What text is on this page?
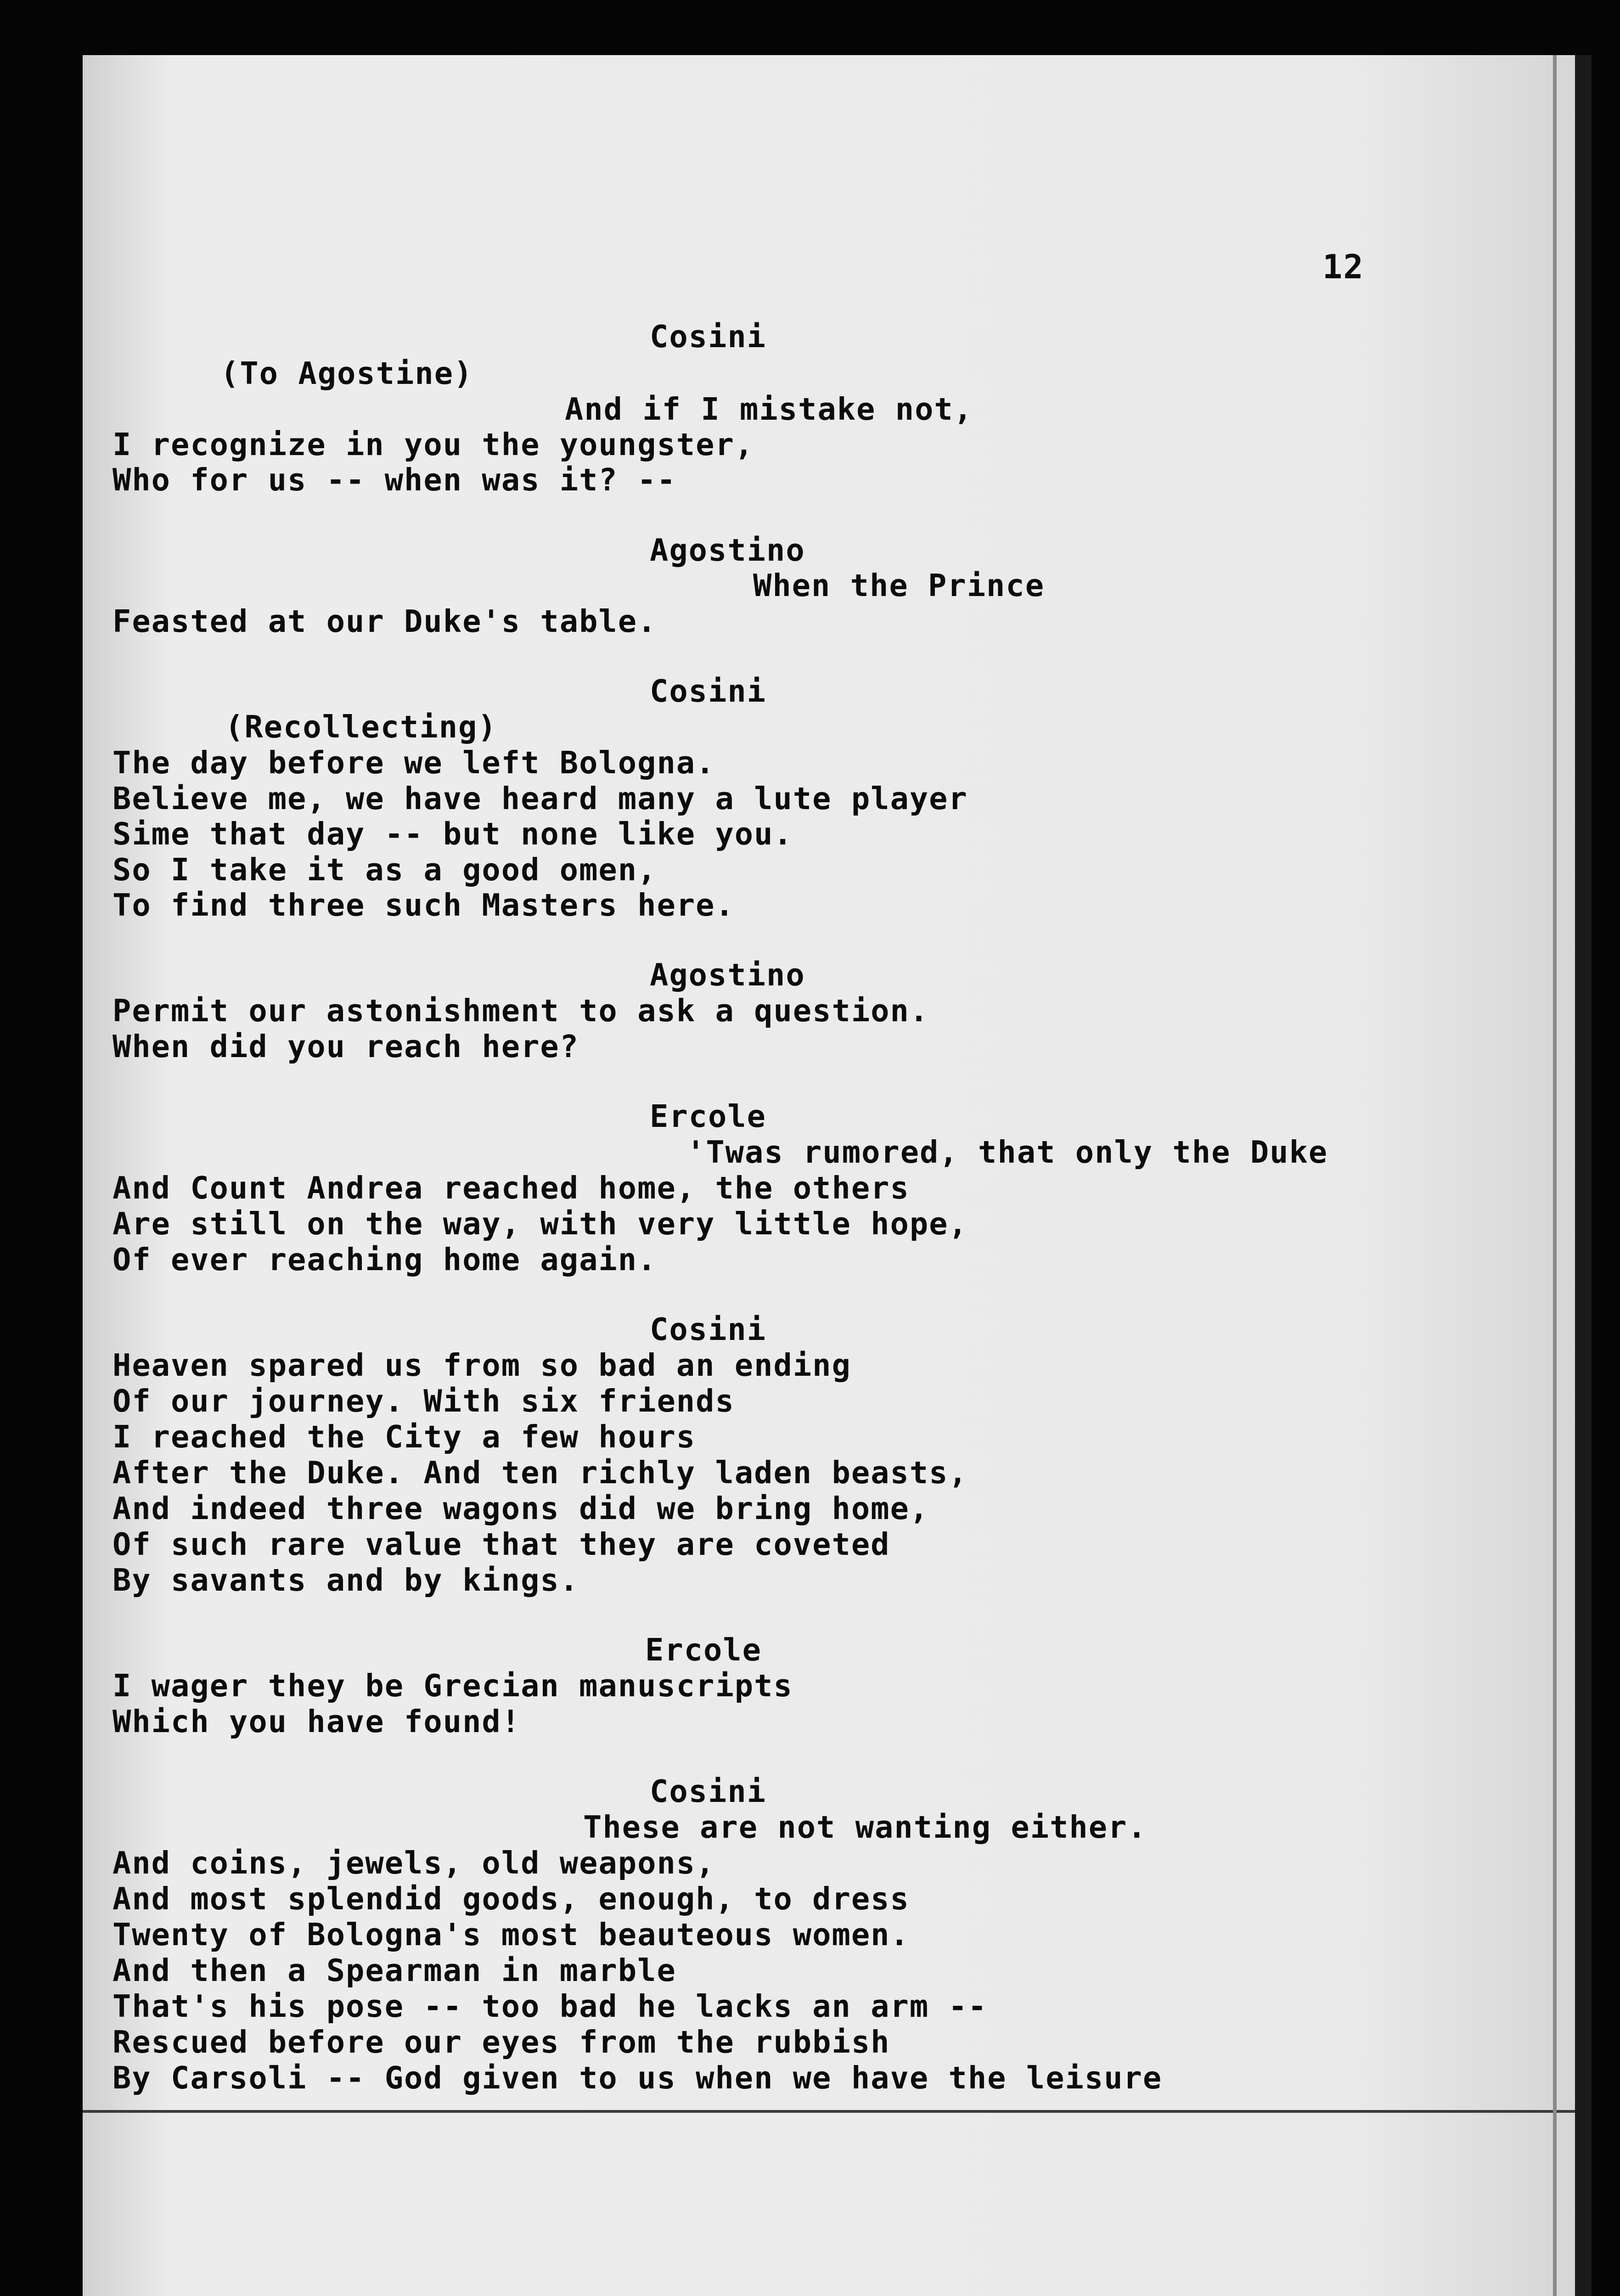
12
Cosini
(To Agostine)
And if I mistake not,
I recognize in you the youngster,
Who for us -- when was it? --
Agostino
When the Prince
Feasted at our Duke's table.
Cosini
(Recollecting)
The day before we left Bologna.
Believe me, we have heard many a lute player
Sime that day -- but none like you.
So I take it as a good omen,
To find three such Masters here.
Agostino
Permit our astonishment to ask a question.
When did you reach here?
Ercole
'Twas rumored, that only the Duke
And Count Andrea reached home, the others
Are still on the way, with very little hope,
Of ever reaching home again.
Cosini
Heaven spared us from so bad an ending
Of our journey. With six friends
I reached the City a few hours
After the Duke. And ten richly laden beasts,
And indeed three wagons did we bring home,
Of such rare value that they are coveted
By savants and by kings.
Ercole
I wager they be Grecian manuscripts
Which you have found!
Cosini
These are not wanting either.
And coins, jewels, old weapons,
And most splendid goods, enough, to dress
Twenty of Bologna's most beauteous women.
And then a Spearman in marble
That's his pose -- too bad he lacks an arm --
Rescued before our eyes from the rubbish
By Carsoli -- God given to us when we have the leisure
